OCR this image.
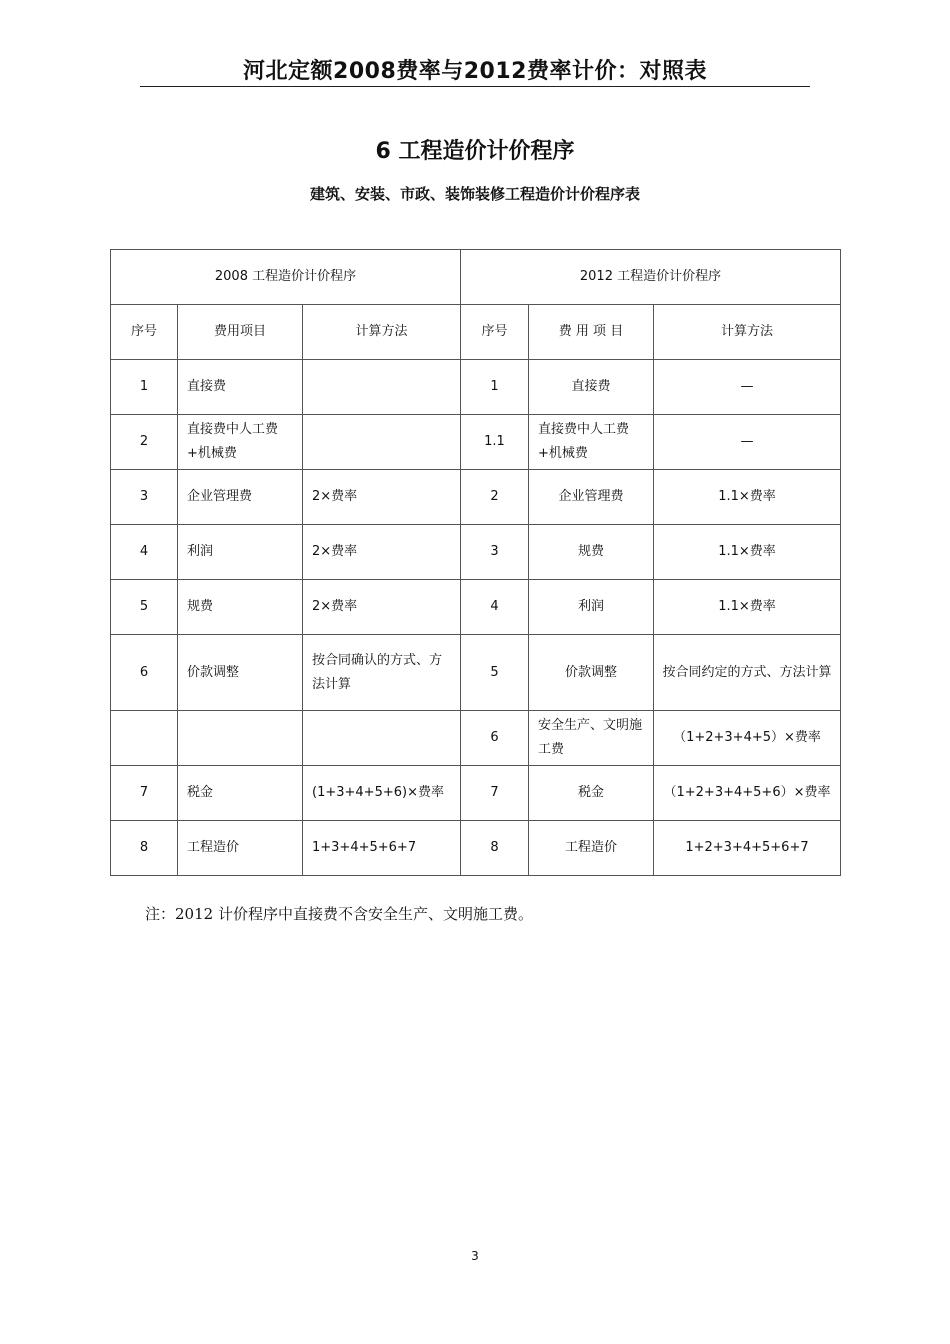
河北定额2008费率与2012费率计价：对照表
6 工程造价计价程序
建筑、安装、市政、装饰装修工程造价计价程序表
2008 工程造价计价程序			2012 工程造价计价程序		
序号	费用项目	计算方法	序号	费 用 项 目	计算方法
1	直接费		1	直接费	—
2	直接费中人工费+机械费		1.1	直接费中人工费+机械费	—
3	企业管理费	2×费率	2	企业管理费	1.1×费率
4	利润	2×费率	3	规费	1.1×费率
5	规费	2×费率	4	利润	1.1×费率
6	价款调整	按合同确认的方式、方法计算	5	价款调整	按合同约定的方式、方法计算
			6	安全生产、文明施工费	（1+2+3+4+5）×费率
7	税金	(1+3+4+5+6)×费率	7	税金	（1+2+3+4+5+6）×费率
8	工程造价	1+3+4+5+6+7	8	工程造价	1+2+3+4+5+6+7
注：2012 计价程序中直接费不含安全生产、文明施工费。
3
